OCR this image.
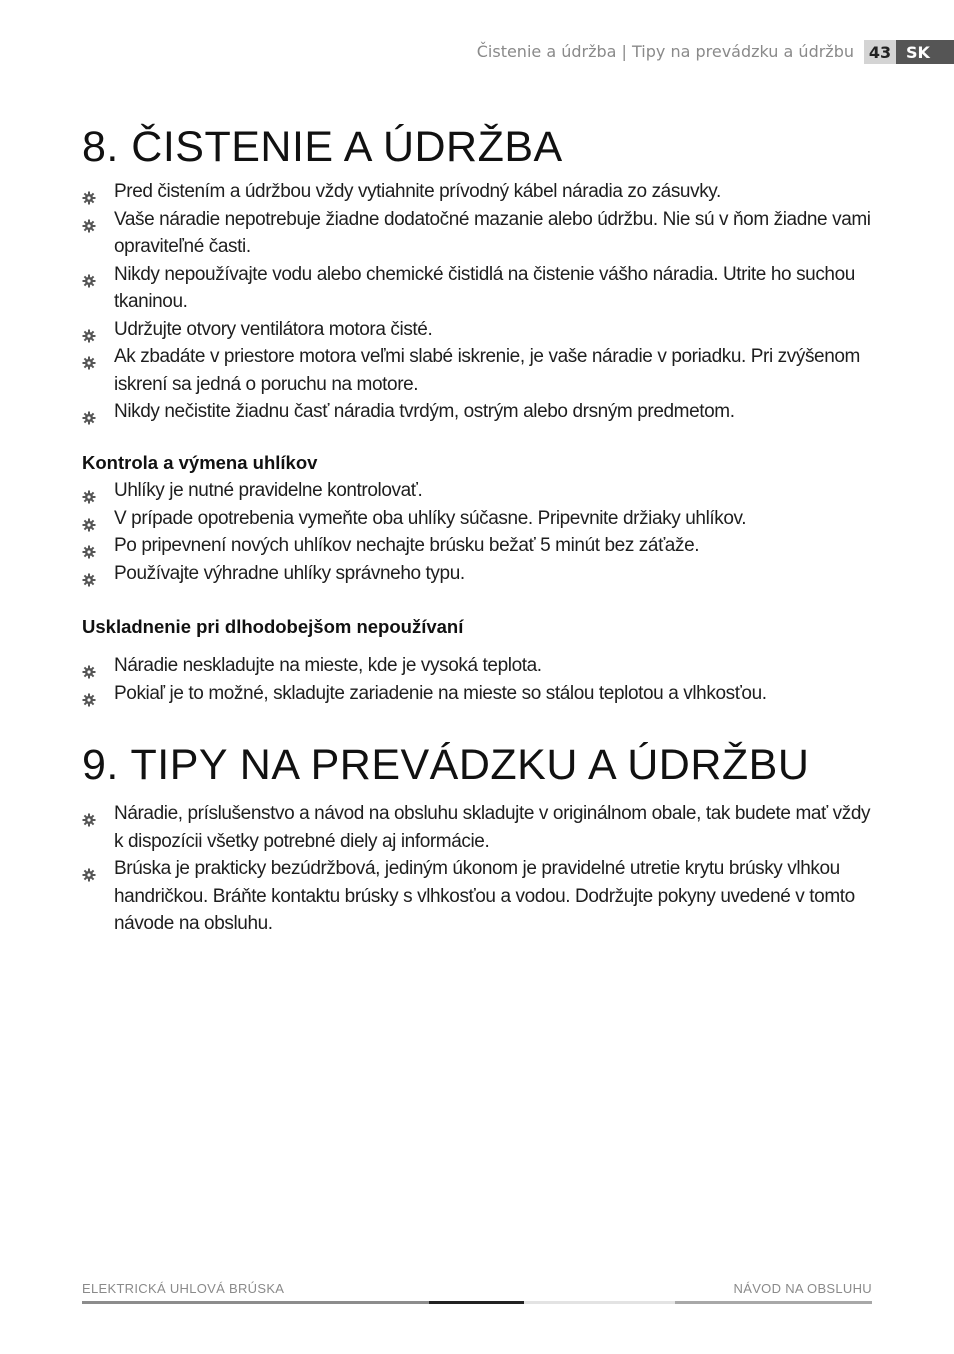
Čistenie a údržba | Tipy na prevádzku a údržbu 43 SK
8. ČISTENIE A ÚDRŽBA
Pred čistením a údržbou vždy vytiahnite prívodný kábel náradia zo zásuvky.
Vaše náradie nepotrebuje žiadne dodatočné mazanie alebo údržbu. Nie sú v ňom žiadne vami opraviteľné časti.
Nikdy nepoužívajte vodu alebo chemické čistidlá na čistenie vášho náradia. Utrite ho suchou tkaninou.
Udržujte otvory ventilátora motora čisté.
Ak zbadáte v priestore motora veľmi slabé iskrenie, je vaše náradie v poriadku. Pri zvýšenom iskrení sa jedná o poruchu na motore.
Nikdy nečistite žiadnu časť náradia tvrdým, ostrým alebo drsným predmetom.
Kontrola a výmena uhlíkov
Uhlíky je nutné pravidelne kontrolovať.
V prípade opotrebenia vymeňte oba uhlíky súčasne. Pripevnite držiaky uhlíkov.
Po pripevnení nových uhlíkov nechajte brúsku bežať 5 minút bez záťaže.
Používajte výhradne uhlíky správneho typu.
Uskladnenie pri dlhodobejšom nepoužívaní
Náradie neskladujte na mieste, kde je vysoká teplota.
Pokiaľ je to možné, skladujte zariadenie na mieste so stálou teplotou a vlhkosťou.
9. TIPY NA PREVÁDZKU A ÚDRŽBU
Náradie, príslušenstvo a návod na obsluhu skladujte v originálnom obale, tak budete mať vždy k dispozícii všetky potrebné diely aj informácie.
Brúska je prakticky bezúdržbová, jediným úkonom je pravidelné utretie krytu brúsky vlhkou handričkou. Bráňte kontaktu brúsky s vlhkosťou a vodou. Dodržujte pokyny uvedené v tomto návode na obsluhu.
ELEKTRICKÁ UHLOVÁ BRÚSKA	NÁVOD NA OBSLUHU
